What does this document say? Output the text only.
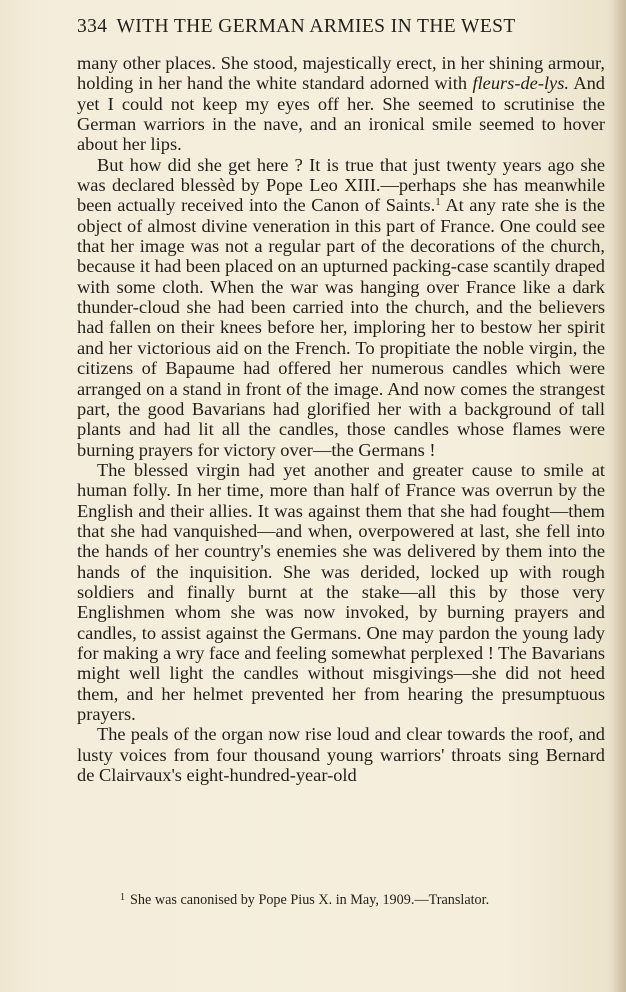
334 WITH THE GERMAN ARMIES IN THE WEST

many other places. She stood, majestically erect, in her shining armour, holding in her hand the white standard adorned with fleurs-de-lys. And yet I could not keep my eyes off her. She seemed to scrutinise the German warriors in the nave, and an ironical smile seemed to hover about her lips.

But how did she get here ? It is true that just twenty years ago she was declared blessèd by Pope Leo XIII.—perhaps she has meanwhile been actually received into the Canon of Saints.$^1$ At any rate she is the object of almost divine veneration in this part of France. One could see that her image was not a regular part of the decorations of the church, because it had been placed on an upturned packing-case scantily draped with some cloth. When the war was hanging over France like a dark thunder-cloud she had been carried into the church, and the believers had fallen on their knees before her, imploring her to bestow her spirit and her victorious aid on the French. To propitiate the noble virgin, the citizens of Bapaume had offered her numerous candles which were arranged on a stand in front of the image. And now comes the strangest part, the good Bavarians had glorified her with a background of tall plants and had lit all the candles, those candles whose flames were burning prayers for victory over—the Germans !

The blessed virgin had yet another and greater cause to smile at human folly. In her time, more than half of France was overrun by the English and their allies. It was against them that she had fought—them that she had vanquished—and when, overpowered at last, she fell into the hands of her country's enemies she was delivered by them into the hands of the inquisition. She was derided, locked up with rough soldiers and finally burnt at the stake—all this by those very Englishmen whom she was now invoked, by burning prayers and candles, to assist against the Germans. One may pardon the young lady for making a wry face and feeling somewhat perplexed ! The Bavarians might well light the candles without misgivings—she did not heed them, and her helmet prevented her from hearing the presumptuous prayers.

The peals of the organ now rise loud and clear towards the roof, and lusty voices from four thousand young warriors' throats sing Bernard de Clairvaux's eight-hundred-year-old

$^1$ She was canonised by Pope Pius X. in May, 1909.—Translator.
